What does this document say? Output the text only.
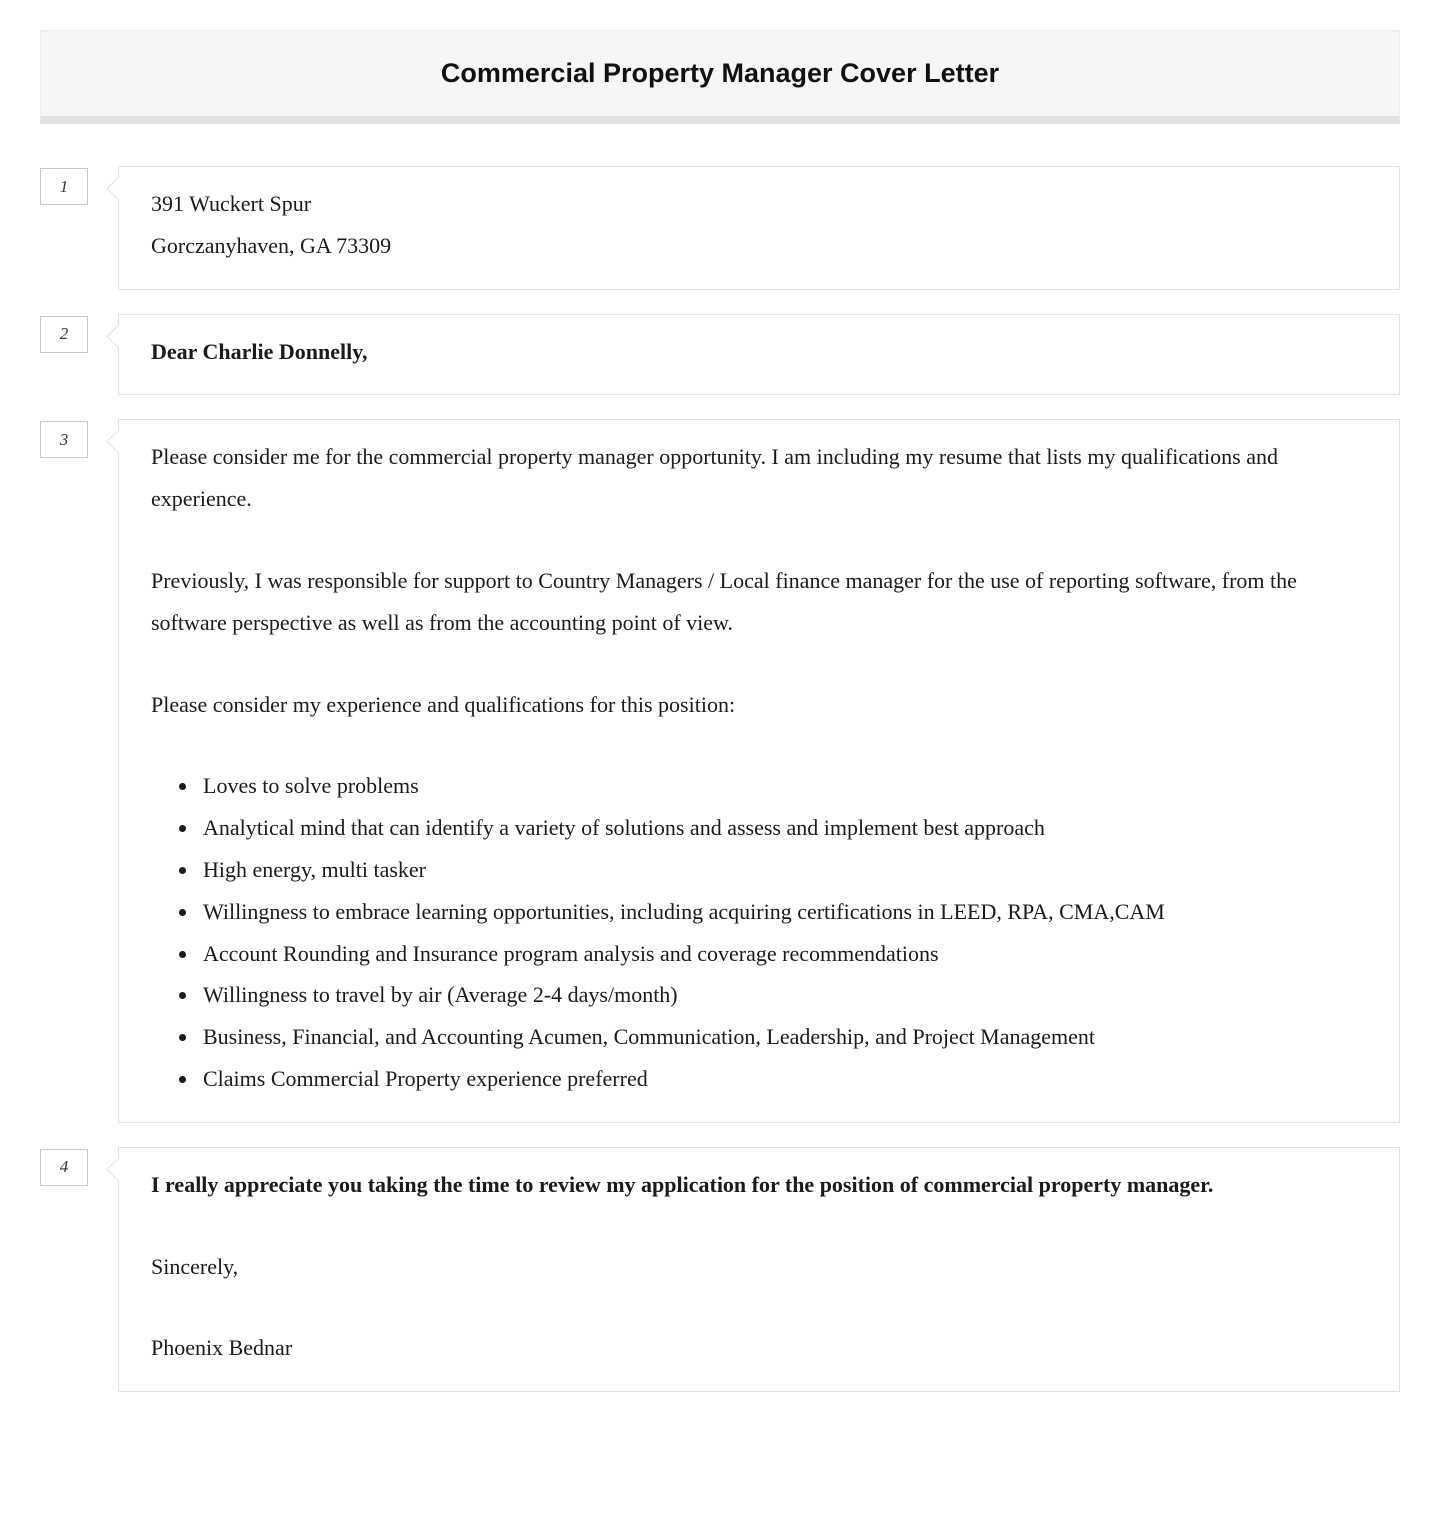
Commercial Property Manager Cover Letter
1
391 Wuckert Spur
Gorczanyhaven, GA 73309
2

Dear Charlie Donnelly,

3

Please consider me for the commercial property manager opportunity. I am including my resume that lists my qualifications and experience.

Previously, I was responsible for support to Country Managers / Local finance manager for the use of reporting software, from the software perspective as well as from the accounting point of view.

Please consider my experience and qualifications for this position:

• Loves to solve problems
• Analytical mind that can identify a variety of solutions and assess and implement best approach
• High energy, multi tasker
• Willingness to embrace learning opportunities, including acquiring certifications in LEED, RPA, CMA,CAM
• Account Rounding and Insurance program analysis and coverage recommendations
• Willingness to travel by air (Average 2-4 days/month)
• Business, Financial, and Accounting Acumen, Communication, Leadership, and Project Management
• Claims Commercial Property experience preferred
4

I really appreciate you taking the time to review my application for the position of commercial property manager.

Sincerely,

Phoenix Bednar
